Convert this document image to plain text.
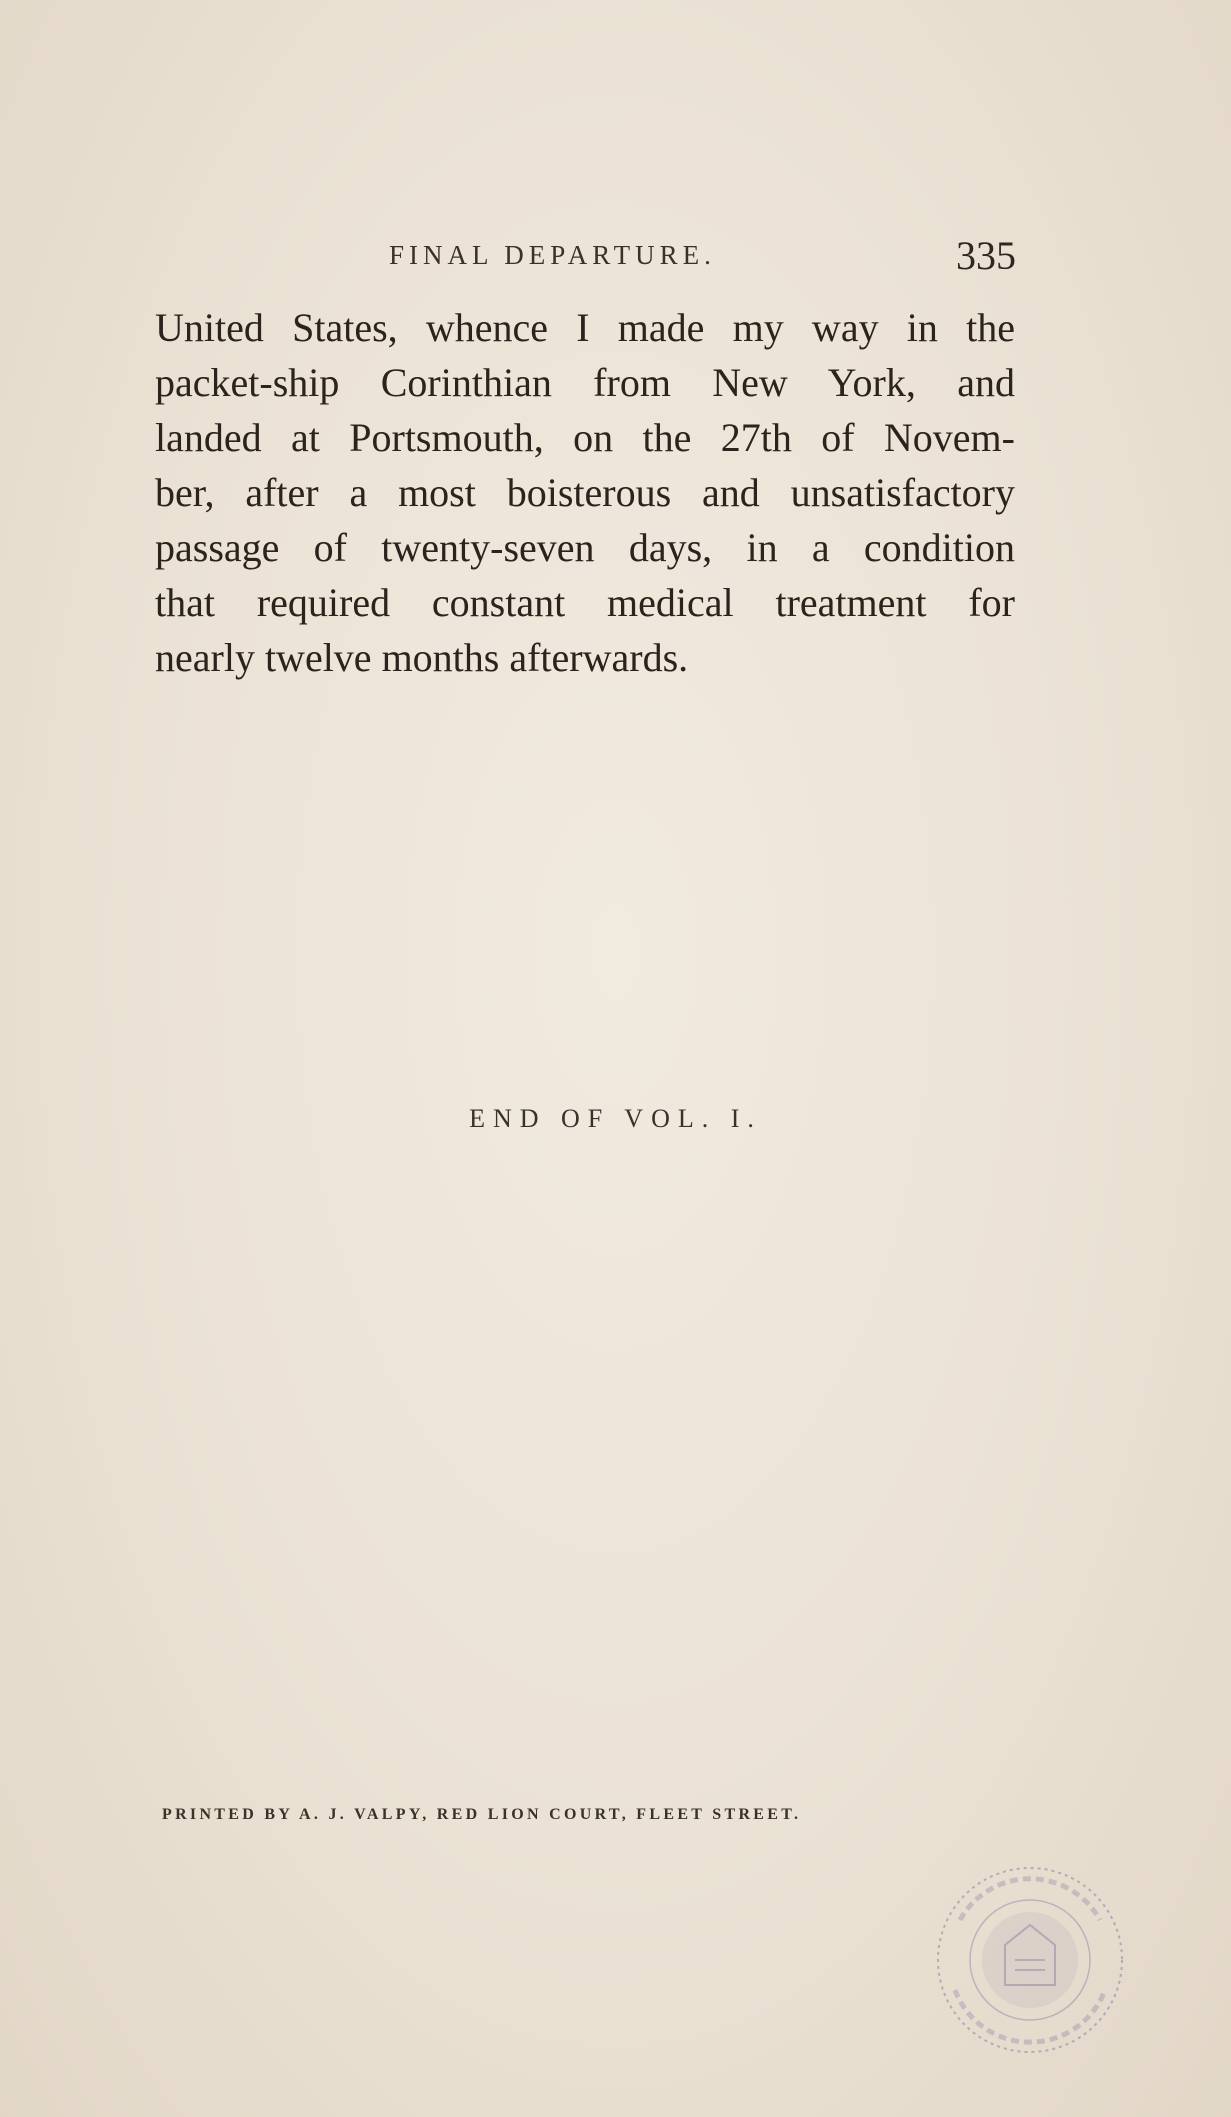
FINAL DEPARTURE.	335
United States, whence I made my way in the
packet-ship Corinthian from New York, and
landed at Portsmouth, on the 27th of Novem-
ber, after a most boisterous and unsatisfactory
passage of twenty-seven days, in a condition
that required constant medical treatment for
nearly twelve months afterwards.
END OF VOL. I.
PRINTED BY A. J. VALPY, RED LION COURT, FLEET STREET.
